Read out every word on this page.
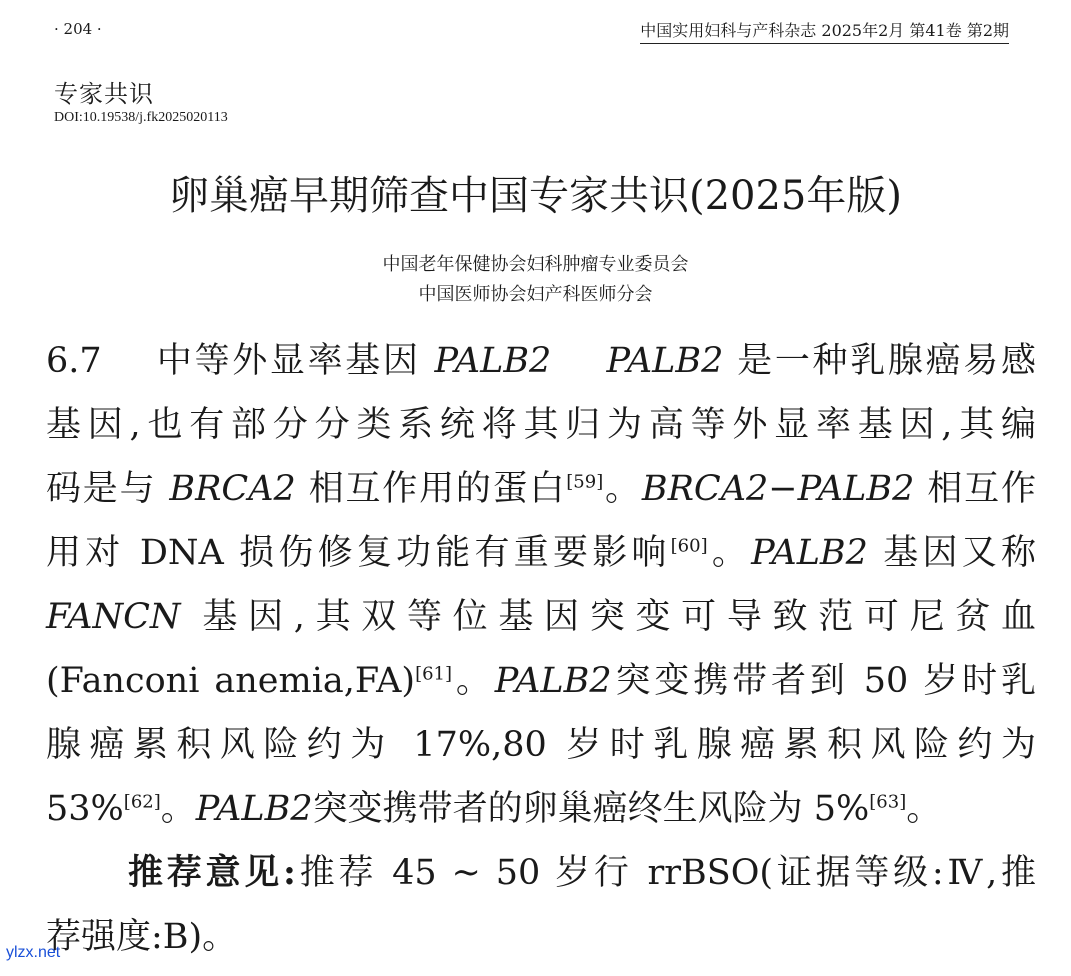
· 204 ·	中国实用妇科与产科杂志 2025年2月 第41卷 第2期
专家共识
DOI:10.19538/j.fk2025020113
卵巢癌早期筛查中国专家共识(2025年版)
中国老年保健协会妇科肿瘤专业委员会
中国医师协会妇产科医师分会
6.7 中等外显率基因 PALB2 PALB2 是一种乳腺癌易感
基因,也有部分分类系统将其归为高等外显率基因,其编
码是与 BRCA2 相互作用的蛋白[59]。BRCA2−PALB2 相互作
用对 DNA 损伤修复功能有重要影响[60]。PALB2 基因又称
FANCN 基因,其双等位基因突变可导致范可尼贫血
(Fanconi anemia,FA)[61]。PALB2突变携带者到 50 岁时乳
腺癌累积风险约为 17%,80 岁时乳腺癌累积风险约为
53%[62]。PALB2突变携带者的卵巢癌终生风险为 5%[63]。
推荐意见:推荐 45 ~ 50 岁行 rrBSO(证据等级:Ⅳ,推
荐强度:B)。
ylzx.net
